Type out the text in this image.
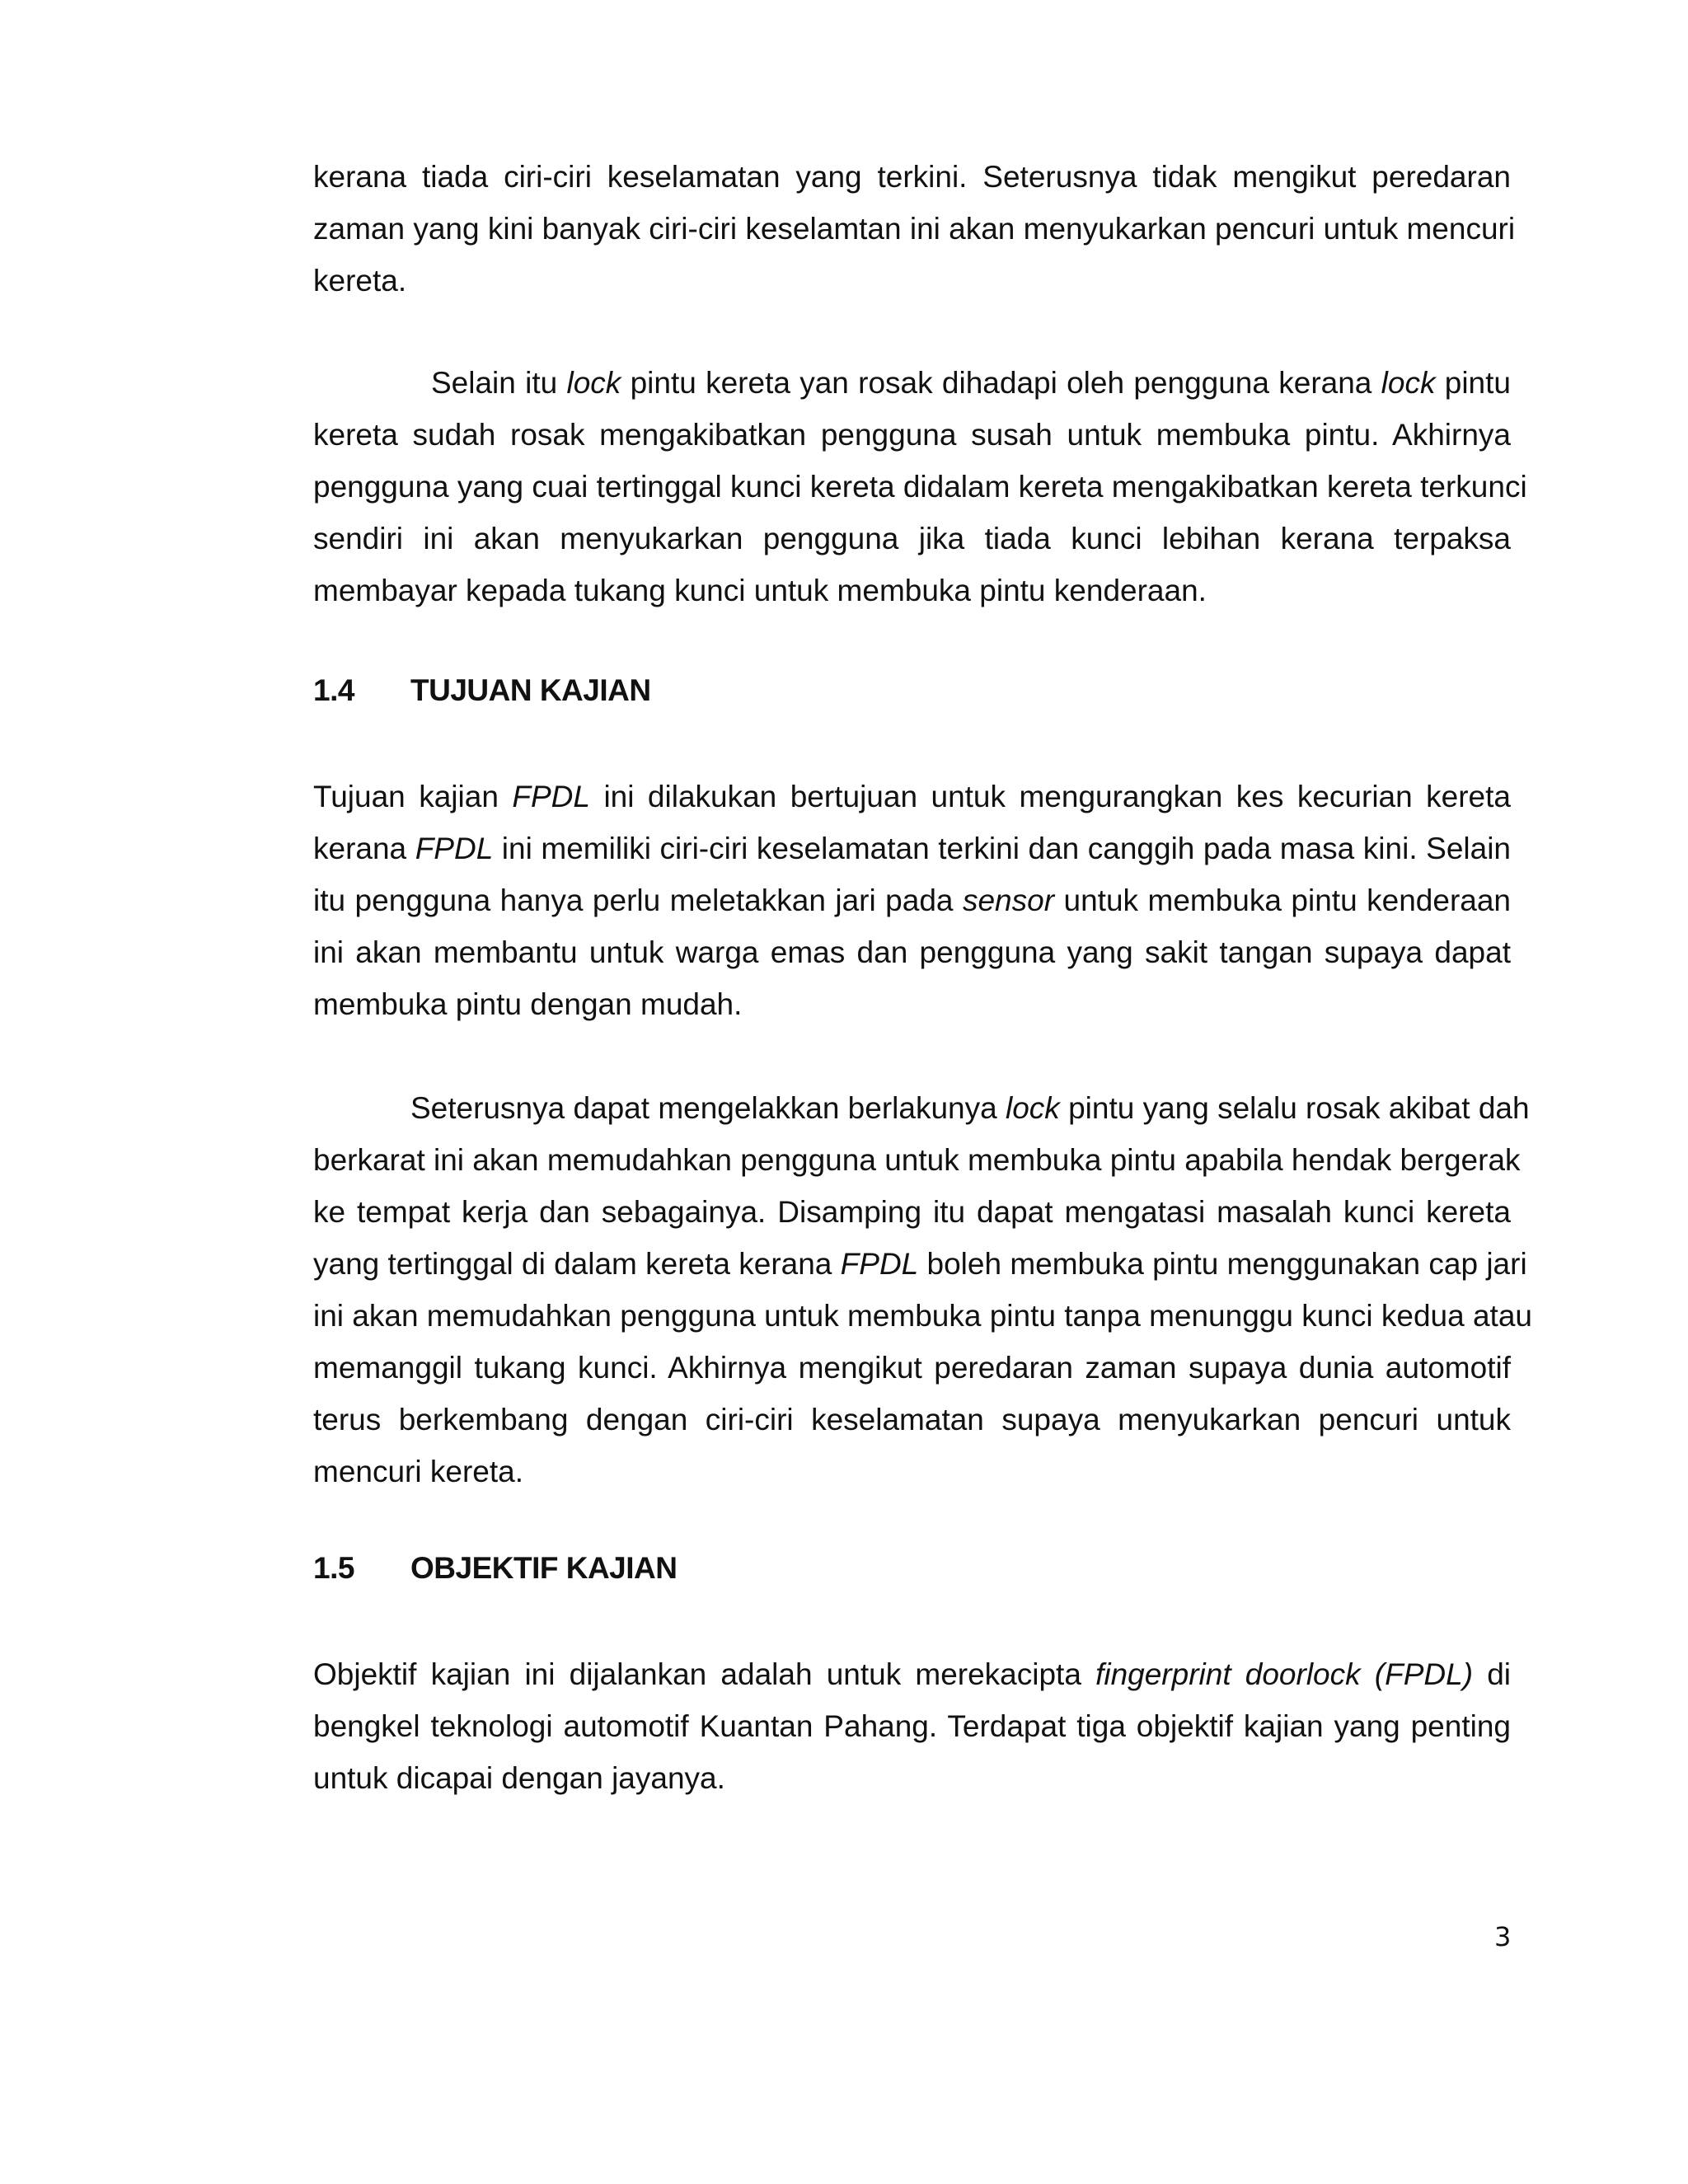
kerana tiada ciri-ciri keselamatan yang terkini. Seterusnya tidak mengikut peredaran
zaman yang kini banyak ciri-ciri keselamtan ini akan menyukarkan pencuri untuk mencuri
kereta.

Selain itu lock pintu kereta yan rosak dihadapi oleh pengguna kerana lock pintu
kereta sudah rosak mengakibatkan pengguna susah untuk membuka pintu. Akhirnya
pengguna yang cuai tertinggal kunci kereta didalam kereta mengakibatkan kereta terkunci
sendiri ini akan menyukarkan pengguna jika tiada kunci lebihan kerana terpaksa
membayar kepada tukang kunci untuk membuka pintu kenderaan.

1.4 TUJUAN KAJIAN

Tujuan kajian FPDL ini dilakukan bertujuan untuk mengurangkan kes kecurian kereta
kerana FPDL ini memiliki ciri-ciri keselamatan terkini dan canggih pada masa kini. Selain
itu pengguna hanya perlu meletakkan jari pada sensor untuk membuka pintu kenderaan
ini akan membantu untuk warga emas dan pengguna yang sakit tangan supaya dapat
membuka pintu dengan mudah.

Seterusnya dapat mengelakkan berlakunya lock pintu yang selalu rosak akibat dah
berkarat ini akan memudahkan pengguna untuk membuka pintu apabila hendak bergerak
ke tempat kerja dan sebagainya. Disamping itu dapat mengatasi masalah kunci kereta
yang tertinggal di dalam kereta kerana FPDL boleh membuka pintu menggunakan cap jari
ini akan memudahkan pengguna untuk membuka pintu tanpa menunggu kunci kedua atau
memanggil tukang kunci. Akhirnya mengikut peredaran zaman supaya dunia automotif
terus berkembang dengan ciri-ciri keselamatan supaya menyukarkan pencuri untuk
mencuri kereta.

1.5 OBJEKTIF KAJIAN

Objektif kajian ini dijalankan adalah untuk merekacipta fingerprint doorlock (FPDL) di
bengkel teknologi automotif Kuantan Pahang. Terdapat tiga objektif kajian yang penting
untuk dicapai dengan jayanya.

3
